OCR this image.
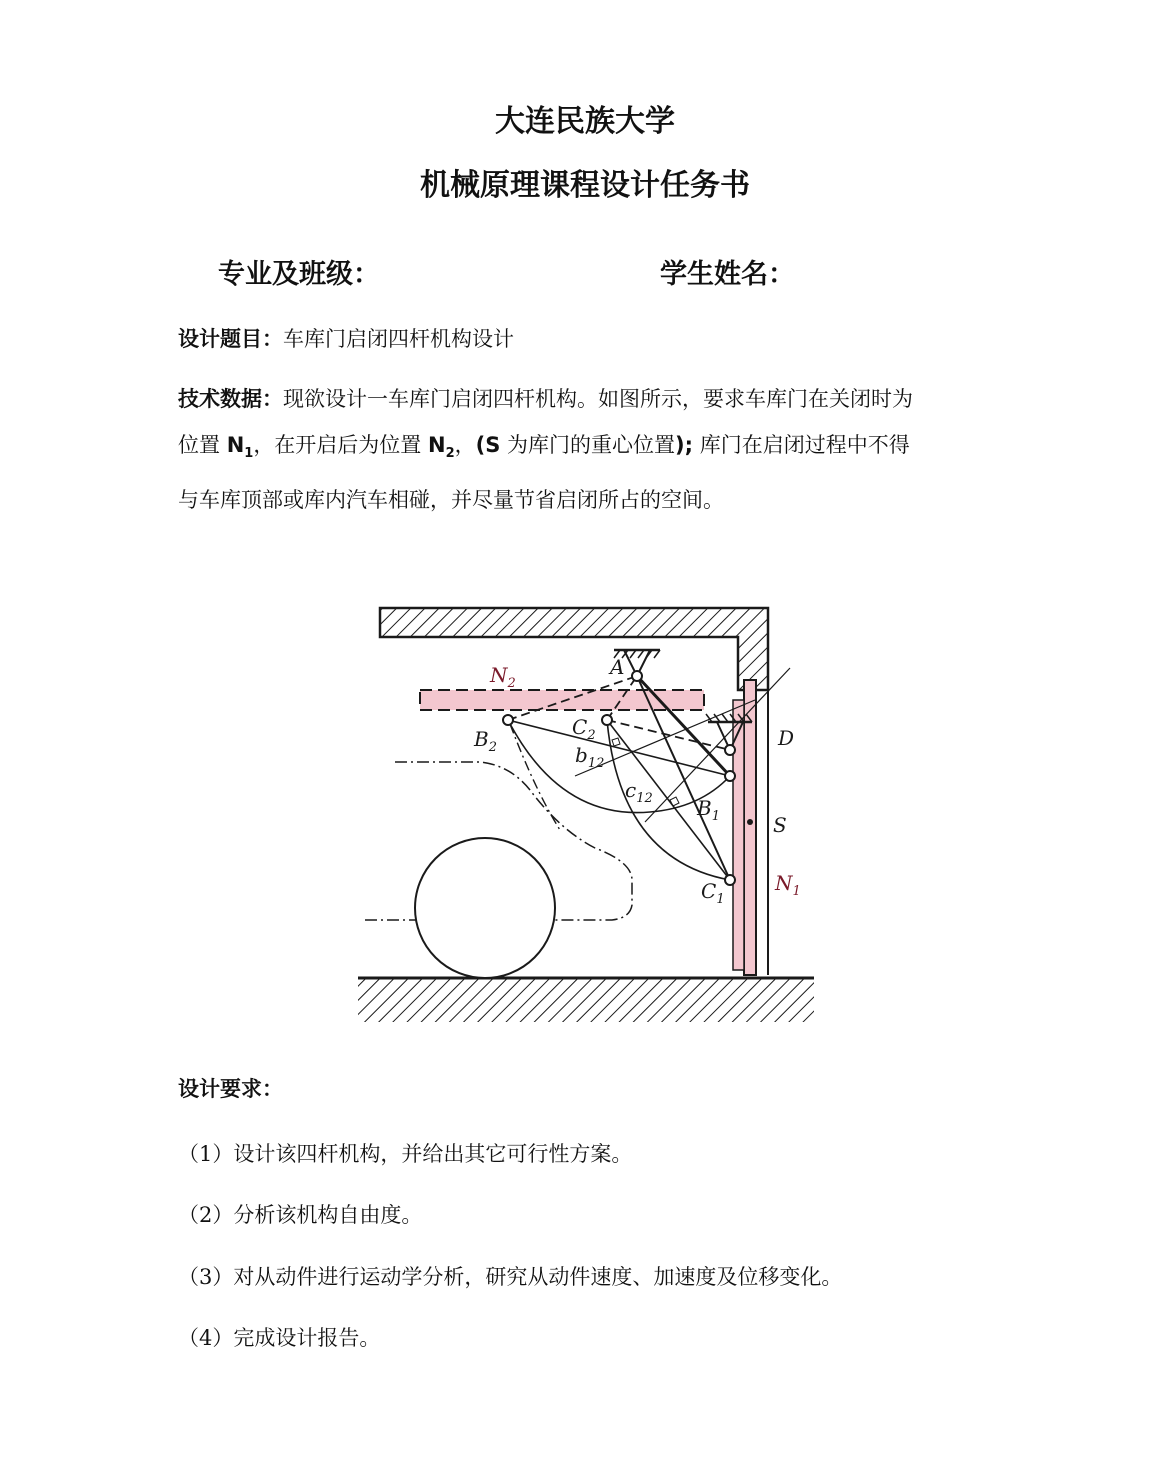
大连民族大学
机械原理课程设计任务书
专业及班级：	学生姓名：
设计题目：车库门启闭四杆机构设计
技术数据：现欲设计一车库门启闭四杆机构。如图所示，要求车库门在关闭时为
位置 $N_1$，在开启后为位置 $N_2$，(S 为库门的重心位置); 库门在启闭过程中不得
与车库顶部或库内汽车相碰，并尽量节省启闭所占的空间。
A
$N_2$
$B_2$
$C_2$
$b_{12}$
$c_{12}$ $B_1$
$C_1$
D
S
$N_1$
设计要求：
（1）设计该四杆机构，并给出其它可行性方案。
（2）分析该机构自由度。
（3）对从动件进行运动学分析，研究从动件速度、加速度及位移变化。
（4）完成设计报告。
